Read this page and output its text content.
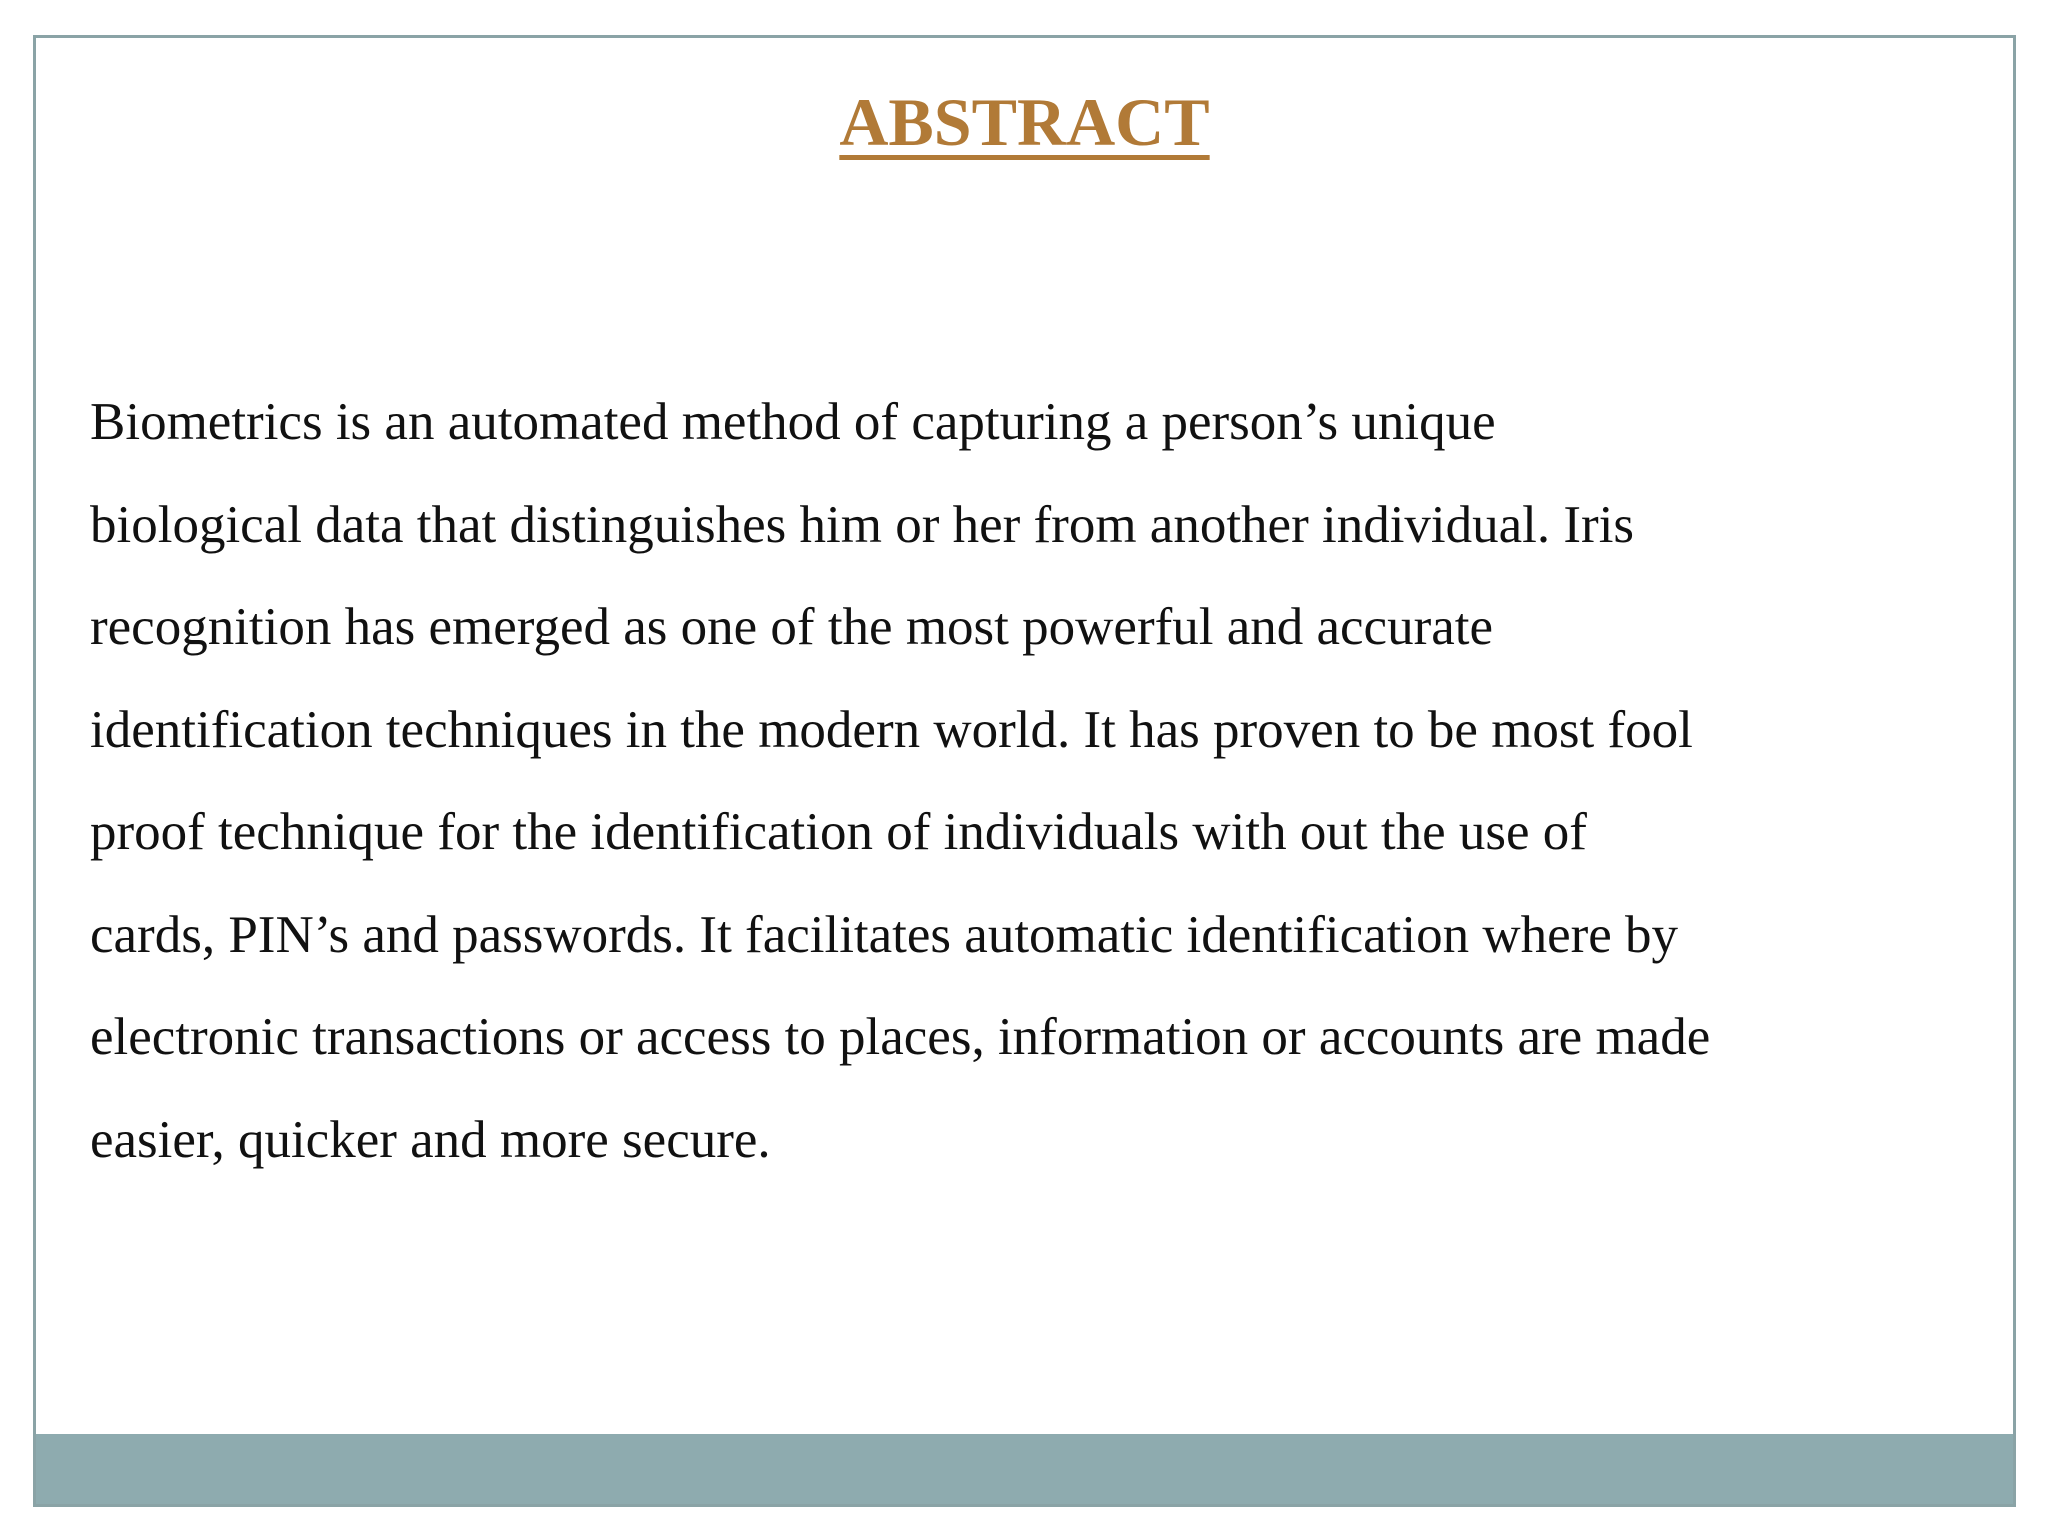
ABSTRACT

Biometrics is an automated method of capturing a person’s unique
biological data that distinguishes him or her from another individual. Iris
recognition has emerged as one of the most powerful and accurate
identification techniques in the modern world. It has proven to be most fool
proof technique for the identification of individuals with out the use of
cards, PIN’s and passwords. It facilitates automatic identification where by
electronic transactions or access to places, information or accounts are made
easier, quicker and more secure.
